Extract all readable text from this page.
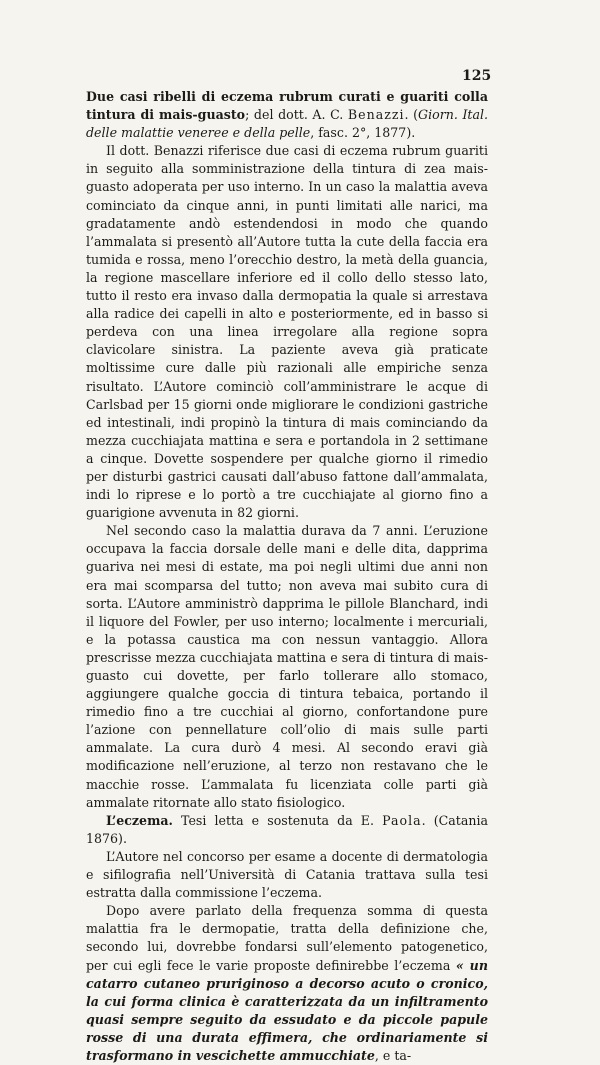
125

Due casi ribelli di eczema rubrum curati e guariti colla tintura di mais-guasto; del dott. A. C. Benazzi. (Giorn. Ital. delle malattie veneree e della pelle, fasc. 2°, 1877).

Il dott. Benazzi riferisce due casi di eczema rubrum guariti in seguito alla somministrazione della tintura di zea mais-guasto adoperata per uso interno. In un caso la malattia aveva cominciato da cinque anni, in punti limitati alle narici, ma gradatamente andò estendendosi in modo che quando l’ammalata si presentò all’Autore tutta la cute della faccia era tumida e rossa, meno l’orecchio destro, la metà della guancia, la regione mascellare inferiore ed il collo dello stesso lato, tutto il resto era invaso dalla dermopatia la quale si arrestava alla radice dei capelli in alto e posteriormente, ed in basso si perdeva con una linea irregolare alla regione sopra clavicolare sinistra. La paziente aveva già praticate moltissime cure dalle più razionali alle empiriche senza risultato. L’Autore cominciò coll’amministrare le acque di Carlsbad per 15 giorni onde migliorare le condizioni gastriche ed intestinali, indi propinò la tintura di mais cominciando da mezza cucchiajata mattina e sera e portandola in 2 settimane a cinque. Dovette sospendere per qualche giorno il rimedio per disturbi gastrici causati dall’abuso fattone dall’ammalata, indi lo riprese e lo portò a tre cucchiajate al giorno fino a guarigione avvenuta in 82 giorni.

Nel secondo caso la malattia durava da 7 anni. L’eruzione occupava la faccia dorsale delle mani e delle dita, dapprima guariva nei mesi di estate, ma poi negli ultimi due anni non era mai scomparsa del tutto; non aveva mai subito cura di sorta. L’Autore amministrò dapprima le pillole Blanchard, indi il liquore del Fowler, per uso interno; localmente i mercuriali, e la potassa caustica ma con nessun vantaggio. Allora prescrisse mezza cucchiajata mattina e sera di tintura di mais-guasto cui dovette, per farlo tollerare allo stomaco, aggiungere qualche goccia di tintura tebaica, portando il rimedio fino a tre cucchiai al giorno, confortandone pure l’azione con pennellature coll’olio di mais sulle parti ammalate. La cura durò 4 mesi. Al secondo eravi già modificazione nell’eruzione, al terzo non restavano che le macchie rosse. L’ammalata fu licenziata colle parti già ammalate ritornate allo stato fisiologico.

L’eczema. Tesi letta e sostenuta da E. Paola. (Catania 1876).

L’Autore nel concorso per esame a docente di dermatologia e sifilografia nell’Università di Catania trattava sulla tesi estratta dalla commissione l’eczema.

Dopo avere parlato della frequenza somma di questa malattia fra le dermopatie, tratta della definizione che, secondo lui, dovrebbe fondarsi sull’elemento patogenetico, per cui egli fece le varie proposte definirebbe l’eczema « un catarro cutaneo pruriginoso a decorso acuto o cronico, la cui forma clinica è caratterizzata da un infiltramento quasi sempre seguito da essudato e da piccole papule rosse di una durata effimera, che ordinariamente si trasformano in vescichette ammucchiate, e ta-
